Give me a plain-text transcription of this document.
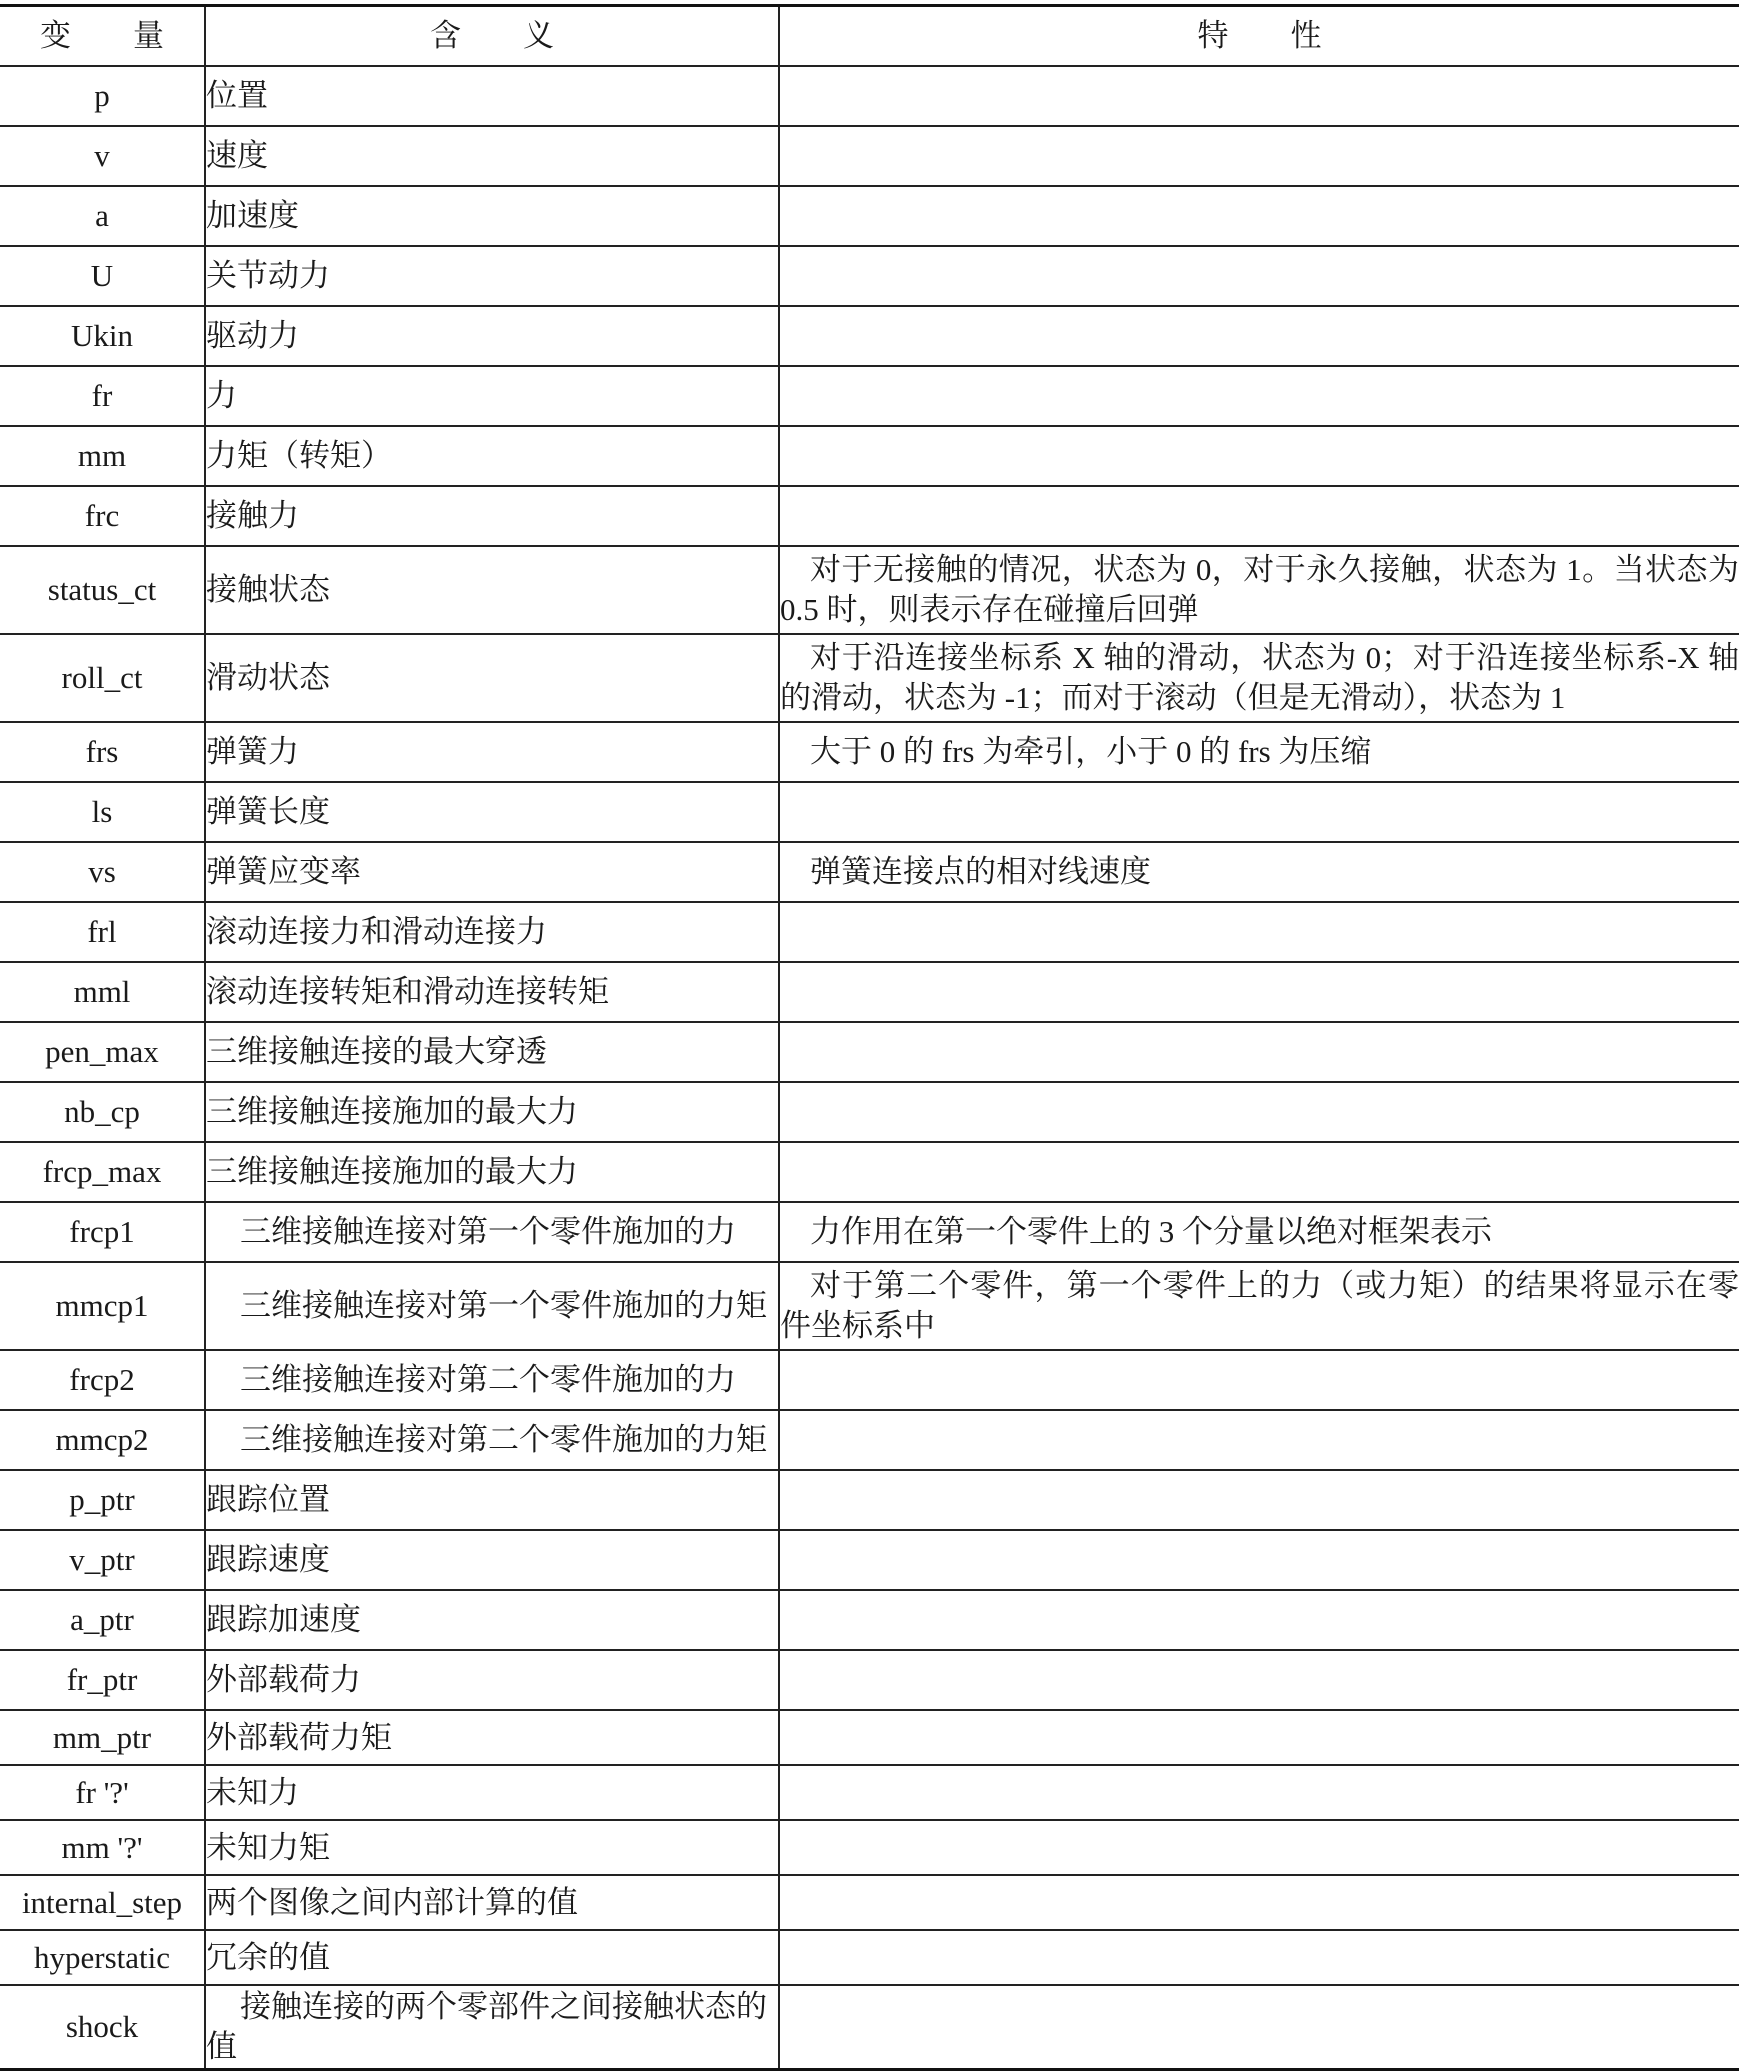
变　　量	含　　义	特　　性
p	位置	

v	速度	

a	加速度	

U	关节动力	

Ukin	驱动力	

fr	力	

mm	力矩（转矩）	

frc	接触力	

status_ct	接触状态	对于无接触的情况，状态为 0，对于永久接触，状态为 1。当状态为 0.5 时，则表示存在碰撞后回弹

roll_ct	滑动状态	对于沿连接坐标系 X 轴的滑动，状态为 0；对于沿连接坐标系-X 轴的滑动，状态为 -1；而对于滚动（但是无滑动），状态为 1

frs	弹簧力	大于 0 的 frs 为牵引，小于 0 的 frs 为压缩

ls	弹簧长度	

vs	弹簧应变率	弹簧连接点的相对线速度

frl	滚动连接力和滑动连接力	

mml	滚动连接转矩和滑动连接转矩	

pen_max	三维接触连接的最大穿透	

nb_cp	三维接触连接施加的最大力	

frcp_max	三维接触连接施加的最大力	

frcp1	三维接触连接对第一个零件施加的力	力作用在第一个零件上的 3 个分量以绝对框架表示

mmcp1	三维接触连接对第一个零件施加的力矩	对于第二个零件，第一个零件上的力（或力矩）的结果将显示在零件坐标系中

frcp2	三维接触连接对第二个零件施加的力	

mmcp2	三维接触连接对第二个零件施加的力矩	

p_ptr	跟踪位置	

v_ptr	跟踪速度	

a_ptr	跟踪加速度	

fr_ptr	外部载荷力	

mm_ptr	外部载荷力矩	

fr '?'	未知力	

mm '?'	未知力矩	

internal_step	两个图像之间内部计算的值	

hyperstatic	冗余的值	

shock	接触连接的两个零部件之间接触状态的值	
